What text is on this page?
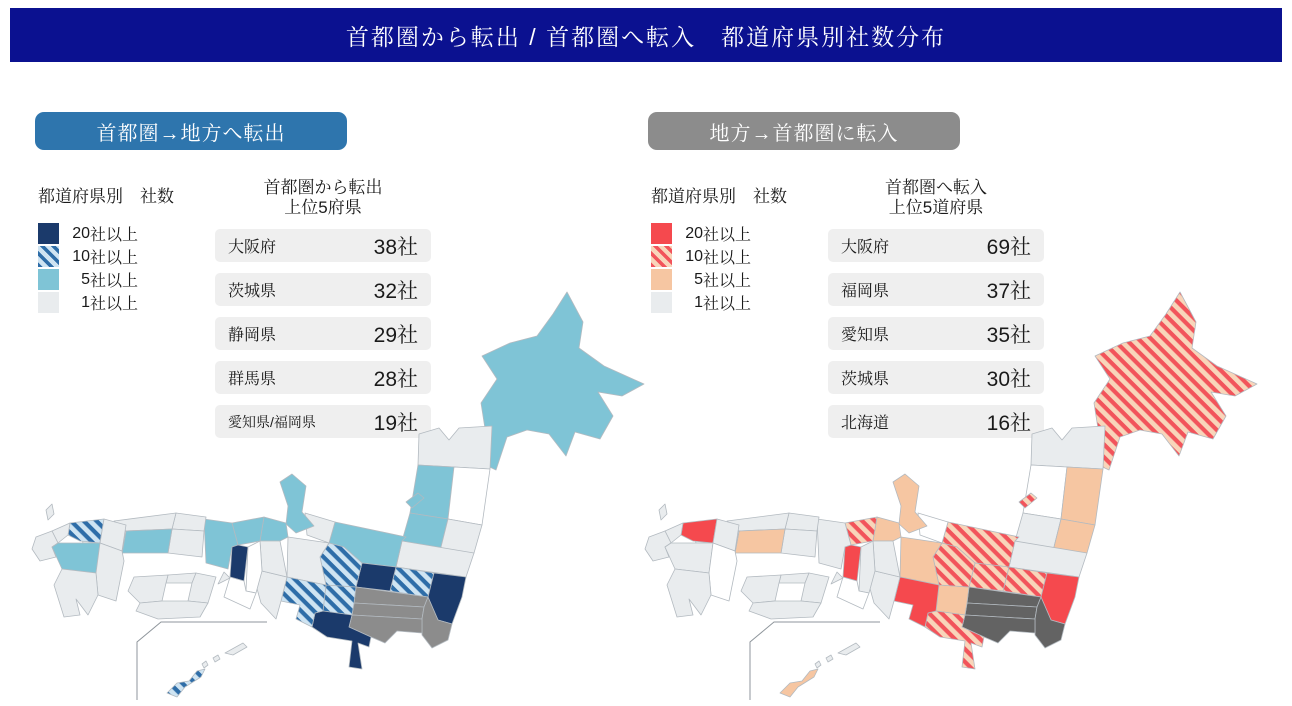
首都圏から転出 / 首都圏へ転入　都道府県別社数分布
首都圏→地方へ転出
都道府県別　社数
20 社以上
10 社以上
5 社以上
1 社以上
首都圏から転出
上位5府県
大阪府	38社
茨城県	32社
静岡県	29社
群馬県	28社
愛知県/福岡県	19社
地方→首都圏に転入
都道府県別　社数
20 社以上
10 社以上
5 社以上
1 社以上
首都圏へ転入
上位5道府県
大阪府	69社
福岡県	37社
愛知県	35社
茨城県	30社
北海道	16社
